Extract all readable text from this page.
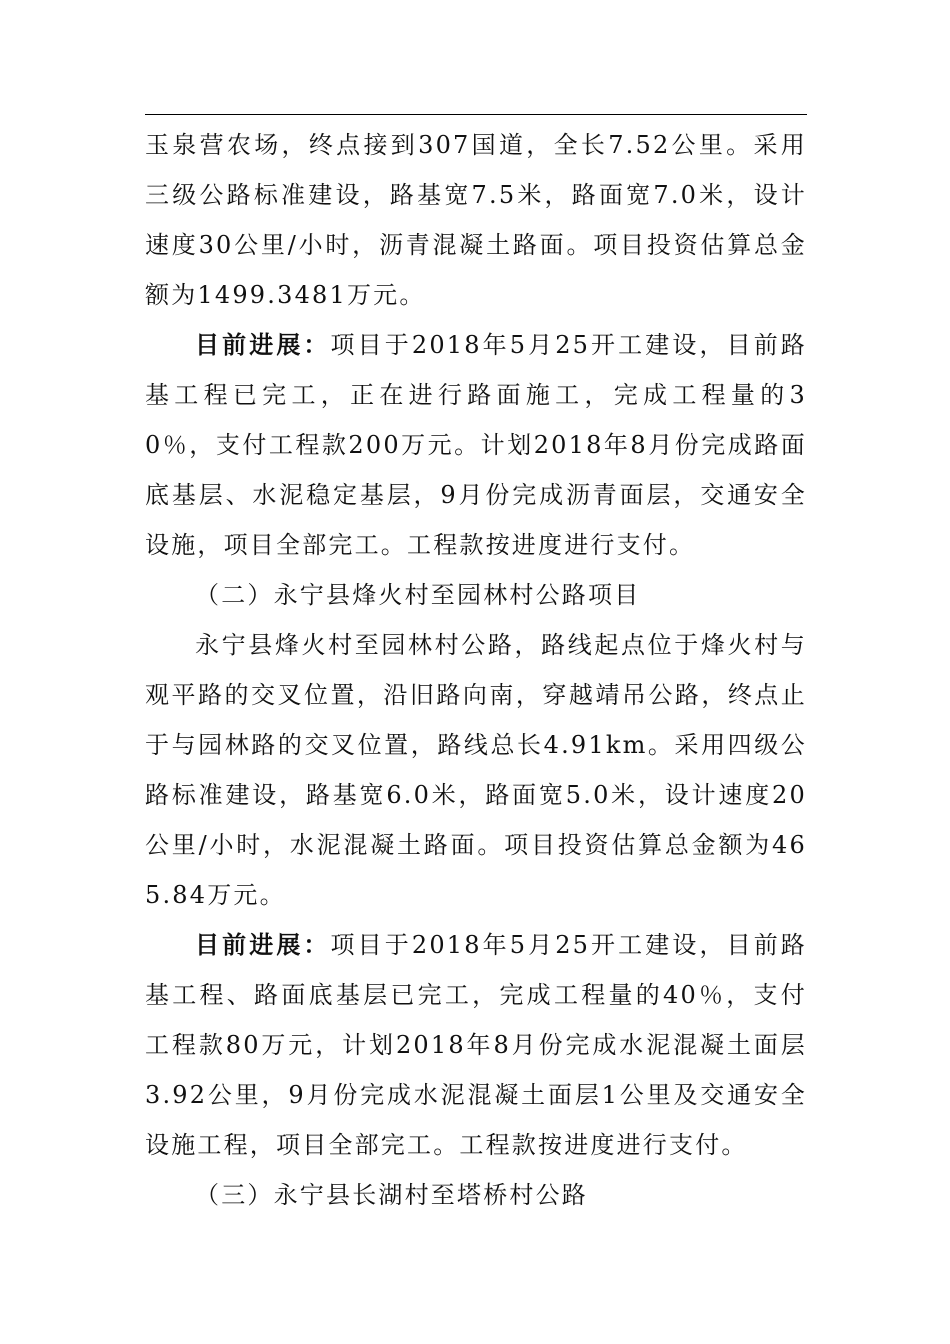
玉泉营农场，终点接到307国道，全长7.52公里。采用三级公路标准建设，路基宽7.5米，路面宽7.0米，设计速度30公里/小时，沥青混凝土路面。项目投资估算总金额为1499.3481万元。

目前进展：项目于2018年5月25开工建设，目前路基工程已完工，正在进行路面施工，完成工程量的30％，支付工程款200万元。计划2018年8月份完成路面底基层、水泥稳定基层，9月份完成沥青面层，交通安全设施，项目全部完工。工程款按进度进行支付。

（二）永宁县烽火村至园林村公路项目

永宁县烽火村至园林村公路，路线起点位于烽火村与观平路的交叉位置，沿旧路向南，穿越靖吊公路，终点止于与园林路的交叉位置，路线总长4.91km。采用四级公路标准建设，路基宽6.0米，路面宽5.0米，设计速度20公里/小时，水泥混凝土路面。项目投资估算总金额为465.84万元。

目前进展：项目于2018年5月25开工建设，目前路基工程、路面底基层已完工，完成工程量的40％，支付工程款80万元，计划2018年8月份完成水泥混凝土面层3.92公里，9月份完成水泥混凝土面层1公里及交通安全设施工程，项目全部完工。工程款按进度进行支付。

（三）永宁县长湖村至塔桥村公路
